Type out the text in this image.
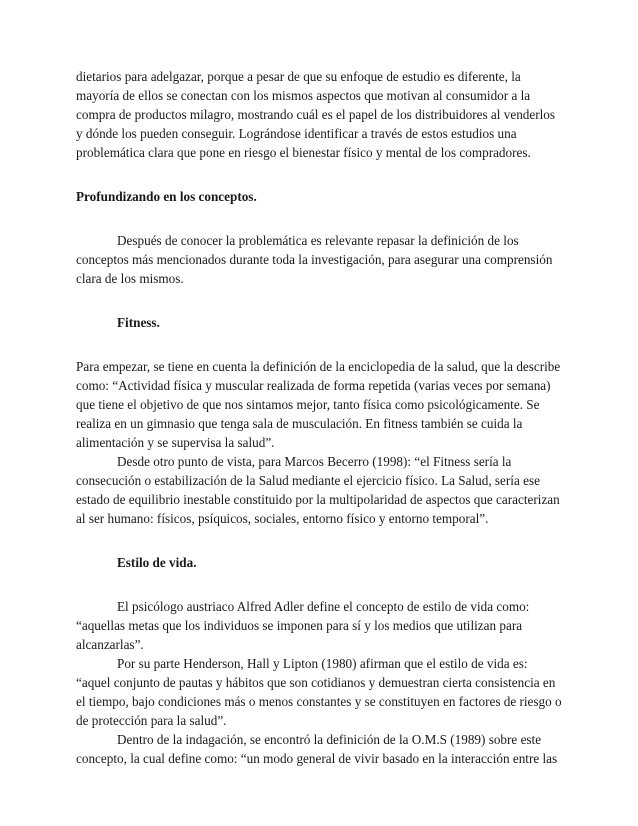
dietarios para adelgazar, porque a pesar de que su enfoque de estudio es diferente, la
mayoría de ellos se conectan con los mismos aspectos que motivan al consumidor a la
compra de productos milagro, mostrando cuál es el papel de los distribuidores al venderlos
y dónde los pueden conseguir. Lográndose identificar a través de estos estudios una
problemática clara que pone en riesgo el bienestar físico y mental de los compradores.
Profundizando en los conceptos.
Después de conocer la problemática es relevante repasar la definición de los
conceptos más mencionados durante toda la investigación, para asegurar una comprensión
clara de los mismos.
Fitness.
Para empezar, se tiene en cuenta la definición de la enciclopedia de la salud, que la describe
como: “Actividad física y muscular realizada de forma repetida (varias veces por semana)
que tiene el objetivo de que nos sintamos mejor, tanto física como psicológicamente. Se
realiza en un gimnasio que tenga sala de musculación. En fitness también se cuida la
alimentación y se supervisa la salud”.
Desde otro punto de vista, para Marcos Becerro (1998): “el Fitness sería la
consecución o estabilización de la Salud mediante el ejercicio físico. La Salud, sería ese
estado de equilibrio inestable constituido por la multipolaridad de aspectos que caracterizan
al ser humano: físicos, psíquicos, sociales, entorno físico y entorno temporal”.
Estilo de vida.
El psicólogo austriaco Alfred Adler define el concepto de estilo de vida como:
“aquellas metas que los individuos se imponen para sí y los medios que utilizan para
alcanzarlas”.
Por su parte Henderson, Hall y Lipton (1980) afirman que el estilo de vida es:
“aquel conjunto de pautas y hábitos que son cotidianos y demuestran cierta consistencia en
el tiempo, bajo condiciones más o menos constantes y se constituyen en factores de riesgo o
de protección para la salud”.
Dentro de la indagación, se encontró la definición de la O.M.S (1989) sobre este
concepto, la cual define como: “un modo general de vivir basado en la interacción entre las
